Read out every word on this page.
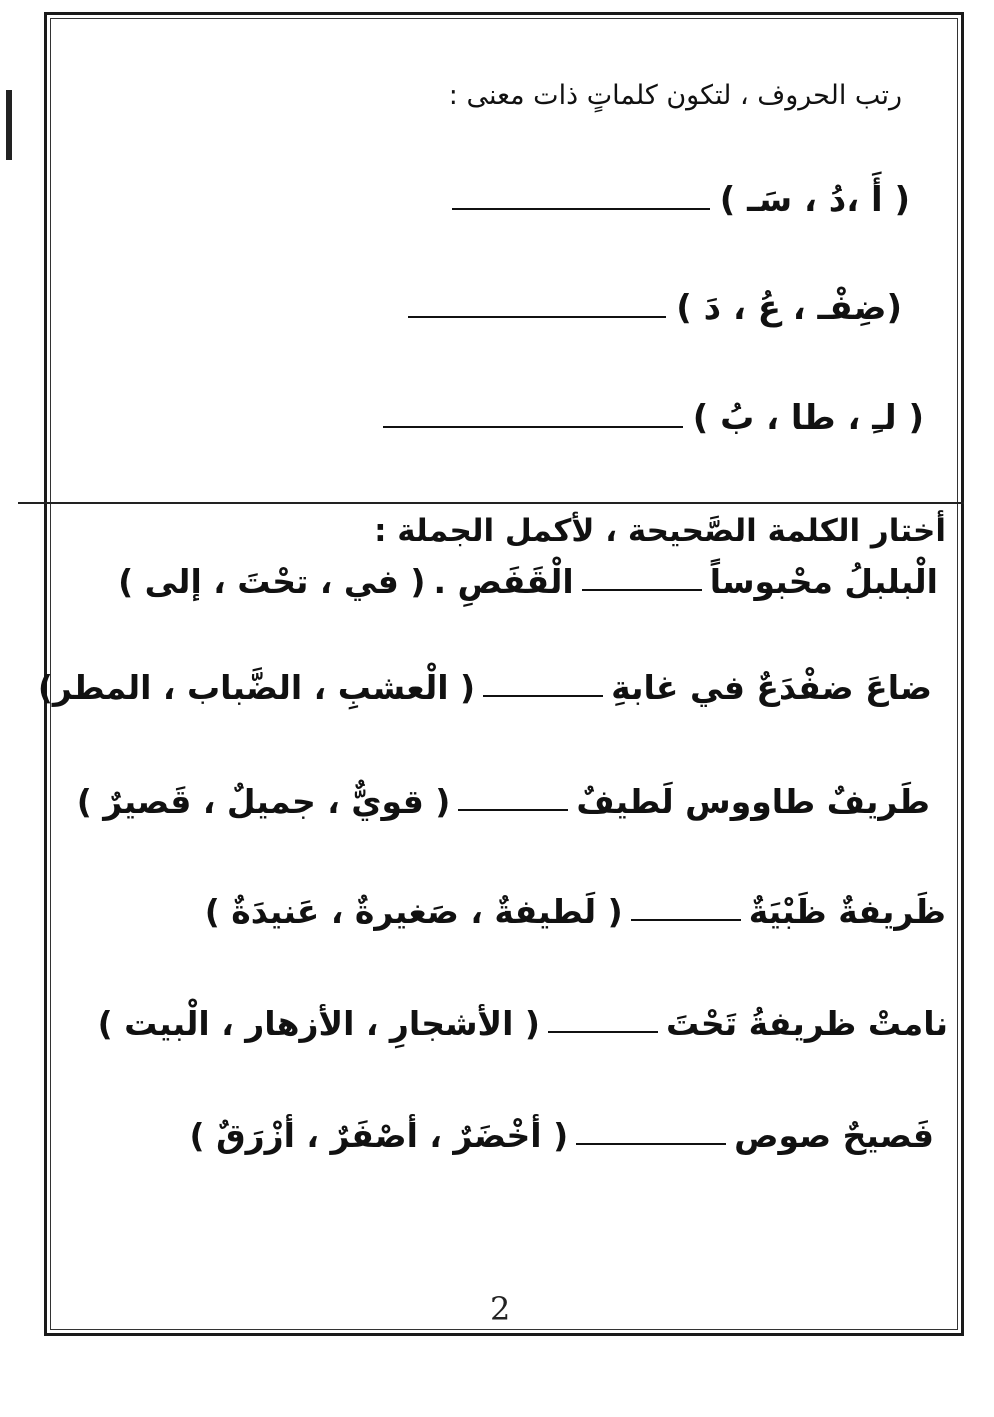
رتب الحروف ، لتكون كلماتٍ ذات معنى :
( أَ ،دُ ، سَـ )
(ضِفْـ ، عُ ، دَ )
( لـِ ، طا ، بُ )
أختار الكلمة الصَّحيحة ، لأكمل الجملة :
الْبلبلُ محْبوساً
الْقَفَصِ .
( في ، تحْتَ ، إلى )
ضاعَ ضفْدَعٌ في غابةِ
( الْعشبِ ، الضَّباب ، المطر)
طَريفٌ طاووس لَطيفٌ
( قويٌّ ، جميلٌ ، قَصيرٌ )
ظَريفةٌ ظَبْيَةٌ
( لَطيفةٌ ، صَغيرةٌ ، عَنيدَةٌ )
نامتْ ظريفةُ تَحْتَ
( الأشجارِ ، الأزهار ، الْبيت )
فَصيحٌ صوص
( أخْضَرٌ ، أصْفَرٌ ، أزْرَقٌ )
2
